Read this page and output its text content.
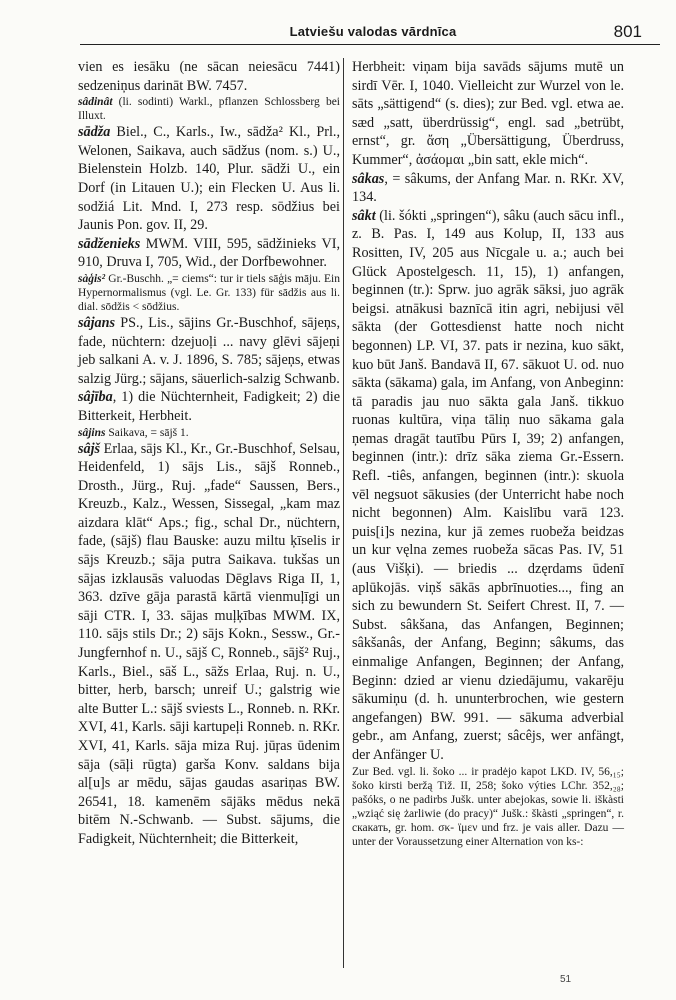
Latviešu valodas vārdnīca	801
vien es iesāku (ne sācan neiesācu 7441) sedzeniņus darināt BW. 7457.
sâdinât (li. sodinti) Warkl., pflanzen Schlossberg bei Illuxt.
sādža Biel., C., Karls., Iw., sādža² Kl., Prl., Welonen, Saikava, auch sādžus (nom. s.) U., Bielenstein Holzb. 140, Plur. sādži U., ein Dorf (in Litauen U.); ein Flecken U. Aus li. sodžiá Lit. Mnd. I, 273 resp. sōdžius bei Jaunis Pon. gov. II, 29.
sādženieks MWM. VIII, 595, sādžinieks VI, 910, Druva I, 705, Wid., der Dorfbewohner.
sàģis² Gr.-Buschh. „= ciems“: tur ir tiels sāģis māju. Ein Hypernormalismus (vgl. Le. Gr. 133) für sādžis aus li. dial. sōdžis < sōdžius.
sâjans PS., Lis., sājins Gr.-Buschhof, sājeņs, fade, nüchtern: dzejuoļi ... navy glēvi sājeņi jeb salkani A. v. J. 1896, S. 785; sājeņs, etwas salzig Jürg.; sājans, säuerlich-salzig Schwanb.
sâjība, 1) die Nüchternheit, Fadigkeit; 2) die Bitterkeit, Herbheit.
sâjins Saikava, = sājš 1.
sâjš Erlaa, sājs Kl., Kr., Gr.-Buschhof, Selsau, Heidenfeld, 1) sājs Lis., sājš Ronneb., Drosth., Jürg., Ruj. „fade“ Saussen, Bers., Kreuzb., Kalz., Wessen, Sissegal, „kam maz aizdara klāt“ Aps.; fig., schal Dr., nüchtern, fade, (sājš) flau Bauske: auzu miltu ķīselis ir sājs Kreuzb.; sāja putra Saikava. tukšas un sājas izklausās valuodas Dēglavs Riga II, 1, 363. dzīve gāja parastā kārtā vienmuļīgi un sāji CTR. I, 33. sājas muļķības MWM. IX, 110. sājs stils Dr.; 2) sājs Kokn., Sessw., Gr.-Jungfernhof n. U., sājš C, Ronneb., sājš² Ruj., Karls., Biel., sāš L., sāžs Erlaa, Ruj. n. U., bitter, herb, barsch; unreif U.; galstrig wie alte Butter L.: sājš sviests L., Ronneb. n. RKr. XVI, 41, Karls. sāji kartupeļi Ronneb. n. RKr. XVI, 41, Karls. sāja miza Ruj. jūŗas ūdenim sāja (sāļi rūgta) garša Konv. saldans bija al[u]s ar mēdu, sājas gaudas asariņas BW. 26541, 18. kamenēm sājāks mēdus nekā bitēm N.-Schwanb. — Subst. sājums, die Fadigkeit, Nüchternheit; die Bitterkeit,
Herbheit: viņam bija savāds sājums mutē un sirdī Vēr. I, 1040. Vielleicht zur Wurzel von le. sāts „sättigend“ (s. dies); zur Bed. vgl. etwa ae. sæd „satt, überdrüssig“, engl. sad „betrübt, ernst“, gr. ἄση „Übersättigung, Überdruss, Kummer“, ἀσάομαι „bin satt, ekle mich“.
sâkas, = sâkums, der Anfang Mar. n. RKr. XV, 134.
sâkt (li. šókti „springen“), sâku (auch sācu infl., z. B. Pas. I, 149 aus Kolup, II, 133 aus Rositten, IV, 205 aus Nīcgale u. a.; auch bei Glück Apostelgesch. 11, 15), 1) anfangen, beginnen (tr.): Sprw. juo agrāk sāksi, juo agrāk beigsi. atnākusi baznīcā itin agri, nebijusi vēl sākta (der Gottesdienst hatte noch nicht begonnen) LP. VI, 37. pats ir nezina, kuo sākt, kuo būt Janš. Bandavā II, 67. sākuot U. od. nuo sākta (sākama) gala, im Anfang, von Anbeginn: tā paradis jau nuo sākta gala Janš. tikkuo ruonas kultūra, viņa tāliņ nuo sākama gala ņemas dragāt tautību Pūrs I, 39; 2) anfangen, beginnen (intr.): drīz sāka ziema Gr.-Essern. Refl. -tiês, anfangen, beginnen (intr.): skuola vēl negsuot sākusies (der Unterricht habe noch nicht begonnen) Alm. Kaislību varā 123. puis[i]s nezina, kur jā zemes ruobeža beidzas un kur vęlna zemes ruobeža sācas Pas. IV, 51 (aus Višķi). — briedis ... dzęrdams ūdenī aplūkojās. viņš sākās apbrīnuoties..., fing an sich zu bewundern St. Seifert Chrest. II, 7. — Subst. sâkšana, das Anfangen, Beginnen; sâkšanâs, der Anfang, Beginn; sâkums, das einmalige Anfangen, Beginnen; der Anfang, Beginn: dzied ar vienu dziedājumu, vakarēju sākumiņu (d. h. ununterbrochen, wie gestern angefangen) BW. 991. — sākuma adverbial gebr., am Anfang, zuerst; sâcêjs, wer anfängt, der Anfänger U.
Zur Bed. vgl. li. šoko ... ir pradėjo kapot LKD. IV, 56,₁₅; šoko kirsti beržą Tiž. II, 258; šoko výties LChr. 352,₂₈; pašóks, o ne padirbs Jušk. unter abejokas, sowie li. iškàsti „wziąć się żarliwie (do pracy)“ Jušk.: škàsti „springen“, r. скакать, gr. hom. σκ- ϊμεν und frz. je vais aller. Dazu — unter der Voraussetzung einer Alternation von ks-:
51
